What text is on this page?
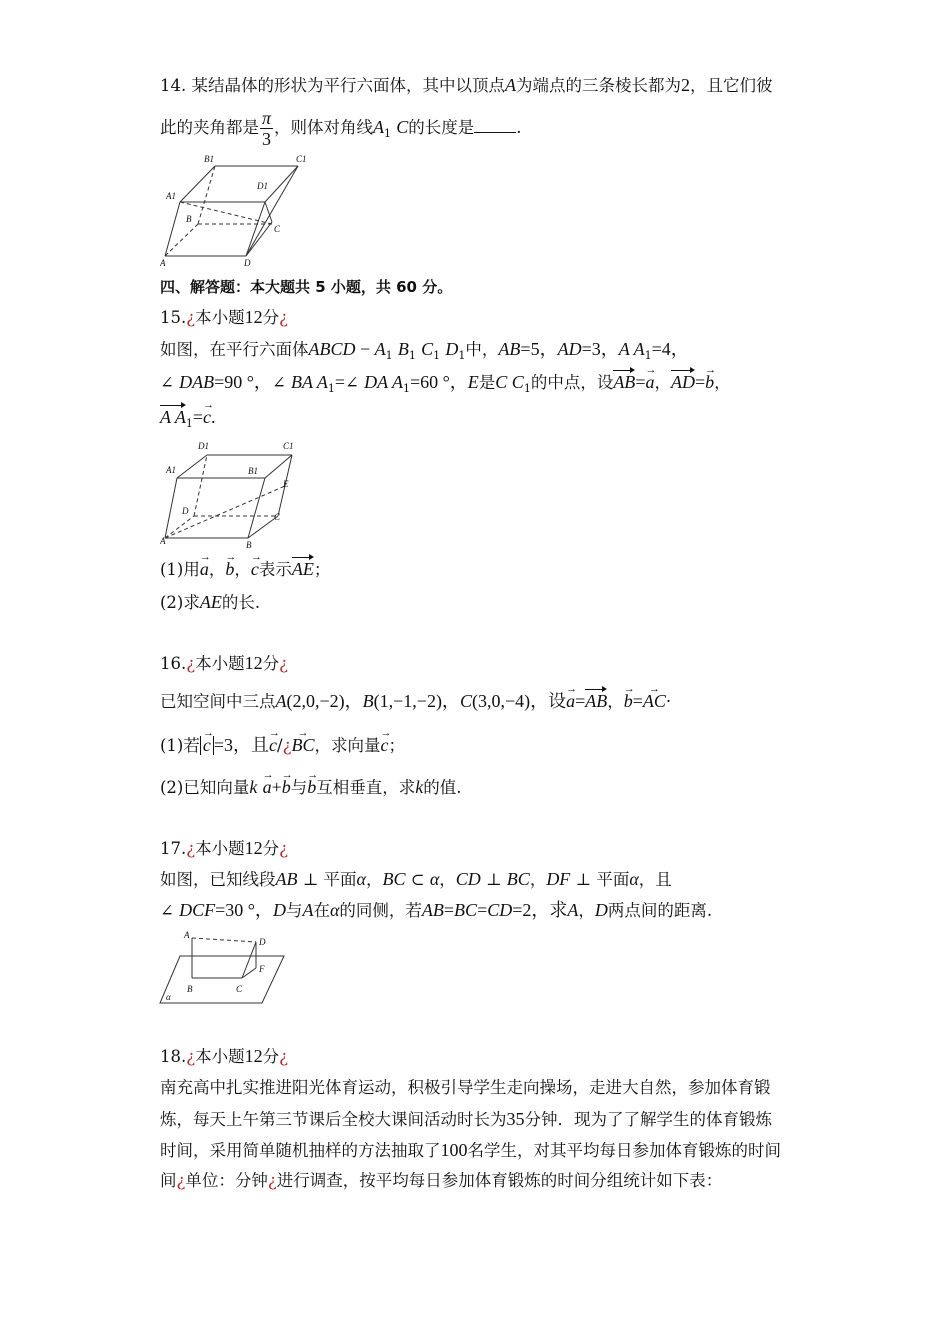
14. 某结晶体的形状为平行六面体，其中以顶点A为端点的三条棱长都为2，且它们彼
此的夹角都是 $\frac{\pi}{3}$ ，则体对角线$A_1$ C的长度是	.
B1	C1
A1
D1
B
C
A	D
四、解答题：本大题共 5 小题，共 60 分。
15.¿本小题12分¿
如图，在平行六面体ABCD − $A_1$ $B_1$ $C_1$ $D_1$中，AB=5，AD=3，A $A_1=4$，
∠ DAB=90 °，∠ BA $A_1=\angle$ DA $A_1=60$ °，E是C $C_1$的中点，设AB=a →，AD=b →，
A $A_1=c$ →.
D1	C1
A1	B1
E
D
C
A	B
(1)用a →，b →，c →表示AE；
(2)求AE的长.
16.¿本小题12分¿
已知空间中三点A(2,0,−2)，B(1,−1,−2)，C(3,0,−4)，设a →=AB，b →=AC →·
(1)若 c → =3，且c →/¿BC →，求向量c →；
(2)已知向量k a →+b →与b →互相垂直，求k的值.
17.¿本小题12分¿
如图，已知线段AB ⊥ 平面α，BC ⊂ α，CD ⊥ BC，DF ⊥ 平面α，且
∠ DCF=30 °，D与A在α的同侧，若AB=BC=CD=2，求A，D两点间的距离.
A
D
F
B	C
α
18.¿本小题12分¿
南充高中扎实推进阳光体育运动，积极引导学生走向操场，走进大自然，参加体育锻
炼，每天上午第三节课后全校大课间活动时长为35分钟．现为了了解学生的体育锻炼
时间，采用简单随机抽样的方法抽取了100名学生，对其平均每日参加体育锻炼的时间
间¿单位：分钟¿进行调查，按平均每日参加体育锻炼的时间分组统计如下表：
